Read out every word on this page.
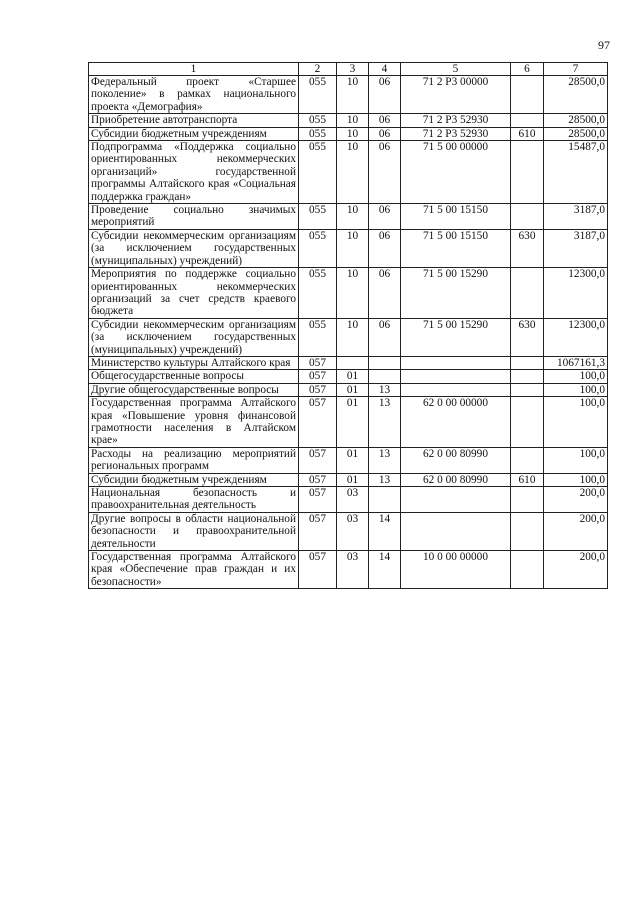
97
1	2	3	4	5	6	7
Федеральный проект «Старшее поколение» в рамках национального проекта «Демография»	055	10	06	71 2 P3 00000		28500,0
Приобретение автотранспорта	055	10	06	71 2 P3 52930		28500,0
Субсидии бюджетным учреждениям	055	10	06	71 2 P3 52930	610	28500,0
Подпрограмма «Поддержка социально ориентированных некоммерческих организаций» государственной программы Алтайского края «Социальная поддержка граждан»	055	10	06	71 5 00 00000		15487,0
Проведение социально значимых мероприятий	055	10	06	71 5 00 15150		3187,0
Субсидии некоммерческим организациям (за исключением государственных (муниципальных) учреждений)	055	10	06	71 5 00 15150	630	3187,0
Мероприятия по поддержке социально ориентированных некоммерческих организаций за счет средств краевого бюджета	055	10	06	71 5 00 15290		12300,0
Субсидии некоммерческим организациям (за исключением государственных (муниципальных) учреждений)	055	10	06	71 5 00 15290	630	12300,0
Министерство культуры Алтайского края	057					1067161,3
Общегосударственные вопросы	057	01				100,0
Другие общегосударственные вопросы	057	01	13			100,0
Государственная программа Алтайского края «Повышение уровня финансовой грамотности населения в Алтайском крае»	057	01	13	62 0 00 00000		100,0
Расходы на реализацию мероприятий региональных программ	057	01	13	62 0 00 80990		100,0
Субсидии бюджетным учреждениям	057	01	13	62 0 00 80990	610	100,0
Национальная безопасность и правоохранительная деятельность	057	03				200,0
Другие вопросы в области национальной безопасности и правоохранительной деятельности	057	03	14			200,0
Государственная программа Алтайского края «Обеспечение прав граждан и их безопасности»	057	03	14	10 0 00 00000		200,0
